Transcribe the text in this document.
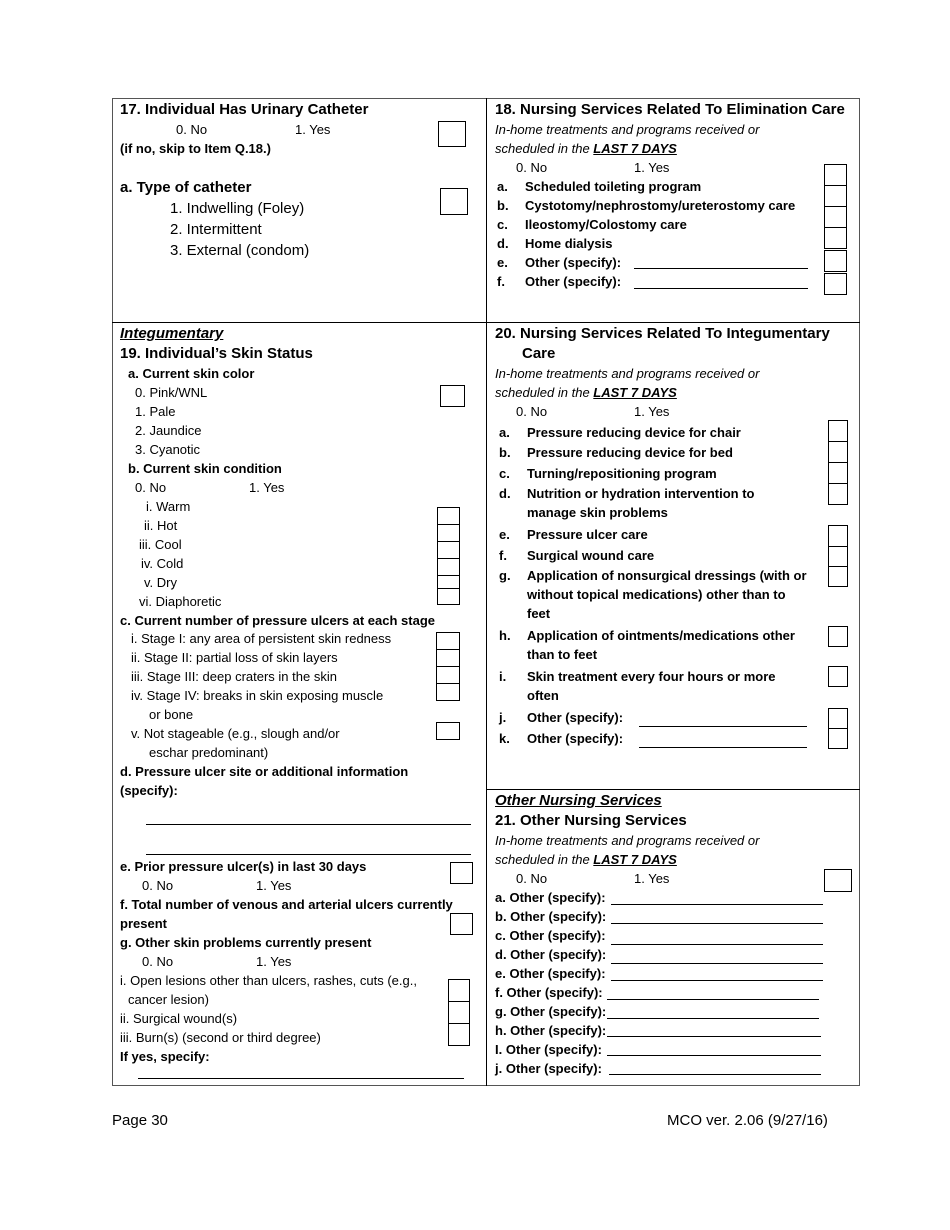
17. Individual Has Urinary Catheter
0. No	1. Yes
(if no, skip to Item Q.18.)
a. Type of catheter
1. Indwelling (Foley)
2. Intermittent
3. External (condom)
18. Nursing Services Related To Elimination Care
In-home treatments and programs received or
scheduled in the LAST 7 DAYS
0. No	1. Yes
a. Scheduled toileting program
b. Cystotomy/nephrostomy/ureterostomy care
c. Ileostomy/Colostomy care
d. Home dialysis
e. Other (specify):
f. Other (specify):
Integumentary
19. Individual’s Skin Status
a. Current skin color
0. Pink/WNL
1. Pale
2. Jaundice
3. Cyanotic
b. Current skin condition
0. No	1. Yes
i. Warm
ii. Hot
iii. Cool
iv. Cold
v. Dry
vi. Diaphoretic
c. Current number of pressure ulcers at each stage
i. Stage I: any area of persistent skin redness
ii. Stage II: partial loss of skin layers
iii. Stage III: deep craters in the skin
iv. Stage IV: breaks in skin exposing muscle
or bone
v. Not stageable (e.g., slough and/or
eschar predominant)
d. Pressure ulcer site or additional information
(specify):
e. Prior pressure ulcer(s) in last 30 days
0. No	1. Yes
f. Total number of venous and arterial ulcers currently
present
g. Other skin problems currently present
0. No	1. Yes
i. Open lesions other than ulcers, rashes, cuts (e.g.,
cancer lesion)
ii. Surgical wound(s)
iii. Burn(s) (second or third degree)
If yes, specify:
20. Nursing Services Related To Integumentary
Care
In-home treatments and programs received or
scheduled in the LAST 7 DAYS
0. No	1. Yes
a. Pressure reducing device for chair
b. Pressure reducing device for bed
c. Turning/repositioning program
d. Nutrition or hydration intervention to
manage skin problems
e. Pressure ulcer care
f. Surgical wound care
g. Application of nonsurgical dressings (with or
without topical medications) other than to
feet
h. Application of ointments/medications other
than to feet
i. Skin treatment every four hours or more
often
j. Other (specify):
k. Other (specify):
Other Nursing Services
21. Other Nursing Services
In-home treatments and programs received or
scheduled in the LAST 7 DAYS
0. No	1. Yes
a. Other (specify):
b. Other (specify):
c. Other (specify):
d. Other (specify):
e. Other (specify):
f. Other (specify):
g. Other (specify):
h. Other (specify):
I. Other (specify):
j. Other (specify):
Page 30	MCO ver. 2.06 (9/27/16)
